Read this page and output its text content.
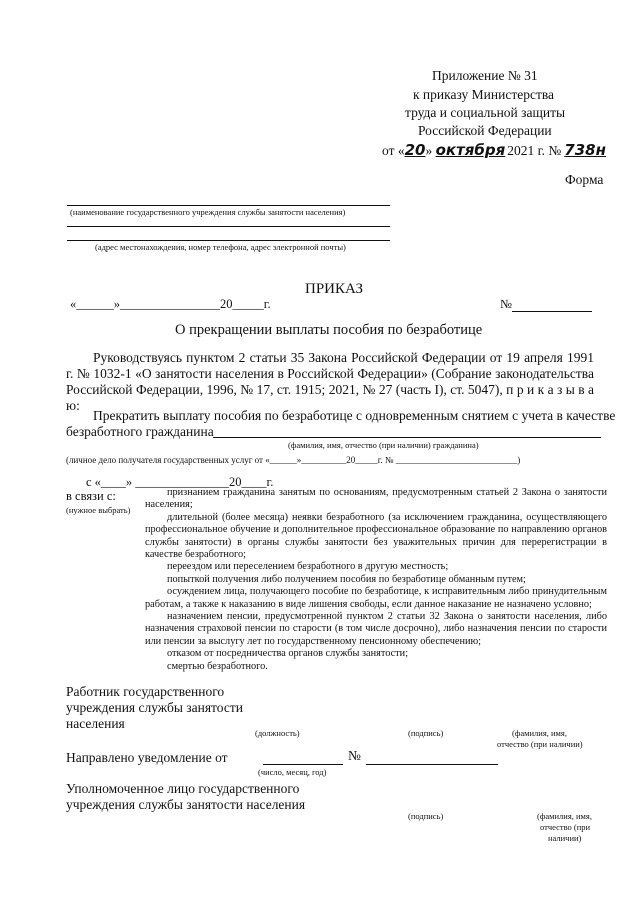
Приложение № 31
к приказу Министерства
труда и социальной защиты
Российской Федерации
от «20» октября 2021 г. № 738н
Форма
(наименование государственного учреждения службы занятости населения)
(адрес местонахождения, номер телефона, адрес электронной почты)
ПРИКАЗ
«______»________________20_____г.	№
О прекращении выплаты пособия по безработице
Руководствуясь пунктом 2 статьи 35 Закона Российской Федерации от 19 апреля 1991 г. № 1032-1 «О занятости населения в Российской Федерации» (Собрание законодательства Российской Федерации, 1996, № 17, ст. 1915; 2021, № 27 (часть I), ст. 5047), п р и к а з ы в а ю:
Прекратить выплату пособия по безработице с одновременным снятием с учета в качестве
безработного гражданина
(фамилия, имя, отчество (при наличии) гражданина)
(личное дело получателя государственных услуг от «______»__________20_____г. № ___________________________)
с «____» _______________20____г.
в связи с:
(нужное выбрать)
признанием гражданина занятым по основаниям, предусмотренным статьей 2 Закона о занятости населения;
длительной (более месяца) неявки безработного (за исключением гражданина, осуществляющего профессиональное обучение и дополнительное профессиональное образование по направлению органов службы занятости) в органы службы занятости без уважительных причин для перерегистрации в качестве безработного;
переездом или переселением безработного в другую местность;
попыткой получения либо получением пособия по безработице обманным путем;
осуждением лица, получающего пособие по безработице, к исправительным либо принудительным работам, а также к наказанию в виде лишения свободы, если данное наказание не назначено условно;
назначением пенсии, предусмотренной пунктом 2 статьи 32 Закона о занятости населения, либо назначения страховой пенсии по старости (в том числе досрочно), либо назначения пенсии по старости или пенсии за выслугу лет по государственному пенсионному обеспечению;
отказом от посредничества органов службы занятости;
смертью безработного.
Работник государственного
учреждения службы занятости
населения
(должность)	(подпись)	(фамилия, имя,
отчество (при наличии)
Направлено уведомление от	№
(число, месяц, год)
Уполномоченное лицо государственного
учреждения службы занятости населения
(подпись)	(фамилия, имя,
отчество (при
наличии)
